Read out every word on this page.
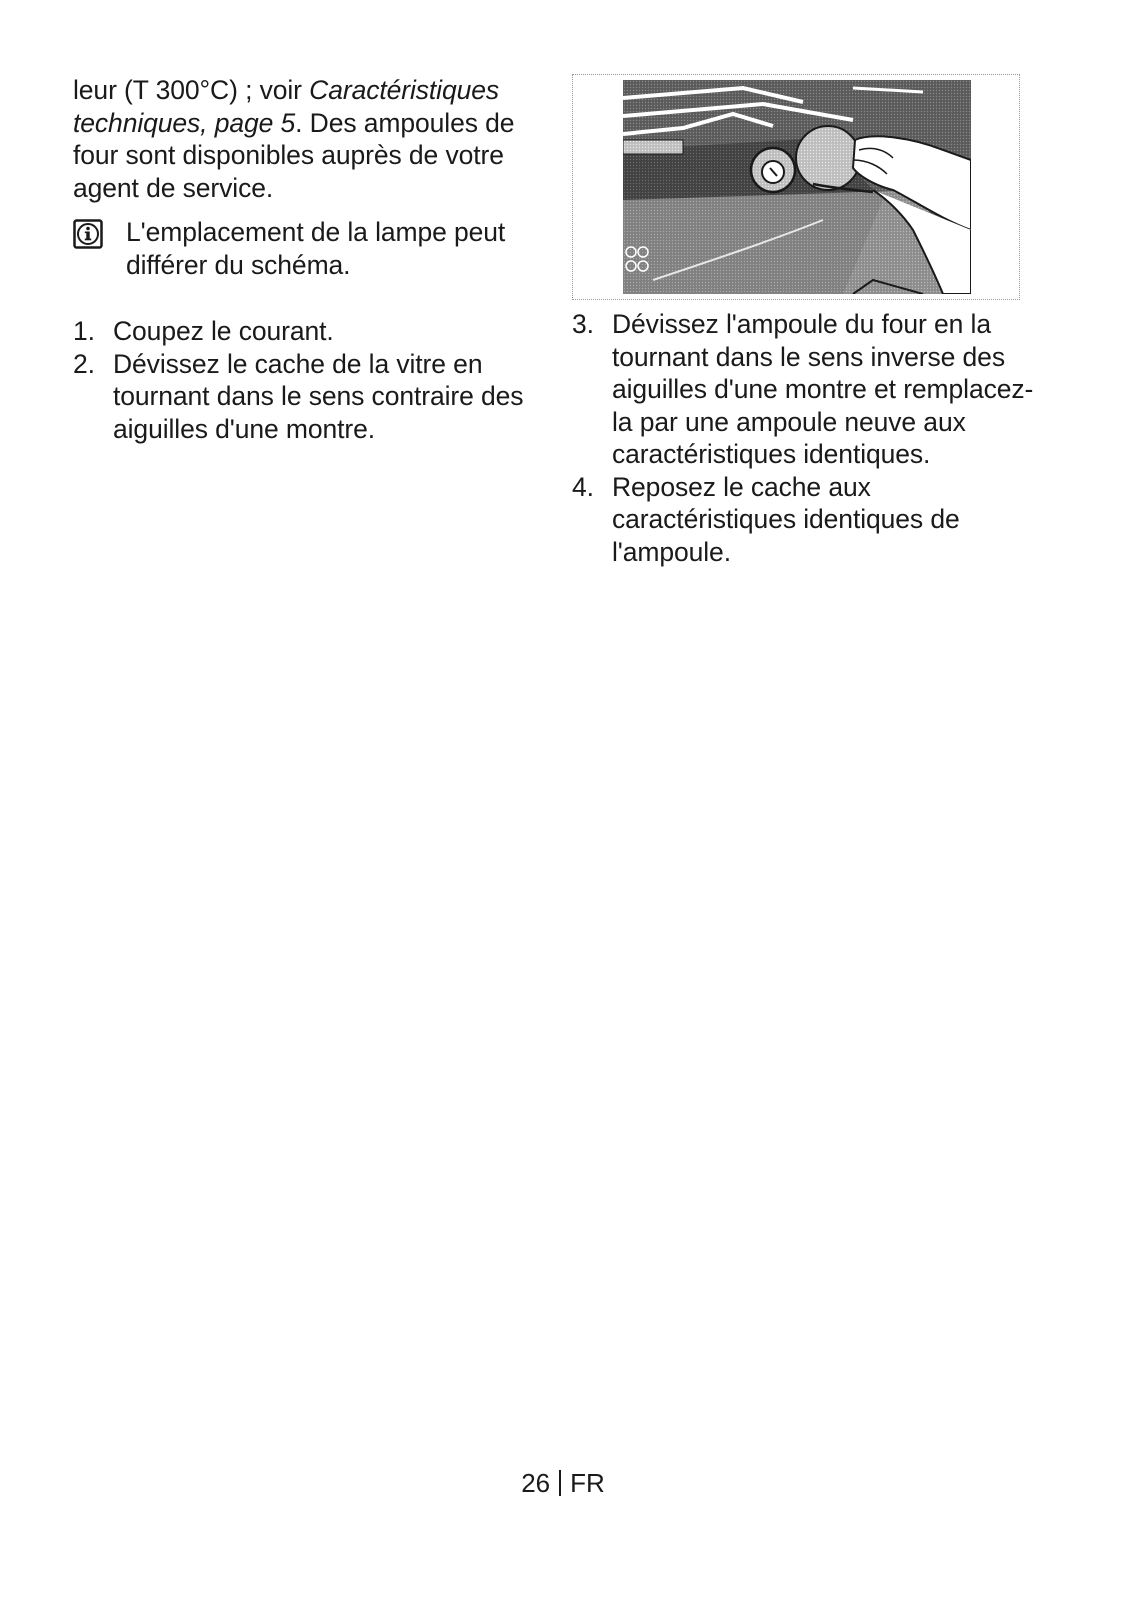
leur (T 300°C) ; voir Caractéristiques techniques, page 5. Des ampoules de four sont disponibles auprès de votre agent de service.

L'emplacement de la lampe peut différer du schéma.
1. Coupez le courant.
2. Dévissez le cache de la vitre en tournant dans le sens contraire des aiguilles d'une montre.
3. Dévissez l'ampoule du four en la tournant dans le sens inverse des aiguilles d'une montre et remplacez-la par une ampoule neuve aux caractéristiques identiques.
4. Reposez le cache aux caractéristiques identiques de l'ampoule.
26 FR
